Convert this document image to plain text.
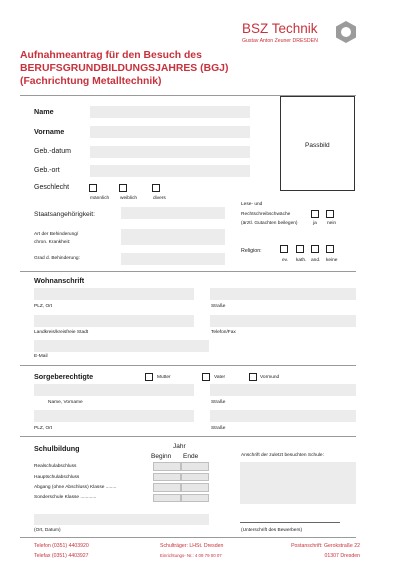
BSZ Technik
Gustav Anton Zeuner DRESDEN
Aufnahmeantrag für den Besuch des
BERUFSGRUNDBILDUNGSJAHRES (BGJ)
(Fachrichtung Metalltechnik)
Name
Vorname
Geb.-datum
Geb.-ort
Passbild
Geschlecht
männlich weiblich	divers
Lese- und
Rechtschreibschwäche
(ärztl. Gutachten beilegen)	ja nein
Staatsangehörigkeit:
Art der Behinderung/
chron. Krankheit:
Religion:
ev. kath. and. keine
Grad d. Behinderung:
Wohnanschrift
PLZ, Ort	Straße
Landkreis/kreisfreie Stadt	Telefon/Fax
E-Mail
Sorgeberechtigte	Mutter	Vater	Vormund
Name, Vorname	Straße
PLZ, Ort	Straße
Schulbildung	Jahr
Beginn Ende
Realschulabschluss
Hauptschulabschluss
Abgang (ohne Abschluss) Klasse ........
Sonderschule Klasse ............
Anschrift der zuletzt besuchten Schule:
(Ort, Datum)	(Unterschrift des Bewerbers)
Telefon (0351) 4403920
Telefax (0351) 4403927
Schulträger: LHSt. Dresden
Einrichtungs- Nr.: 4 09 79 00 07
Postanschrift: Gerokstraße 22
01307 Dresden
